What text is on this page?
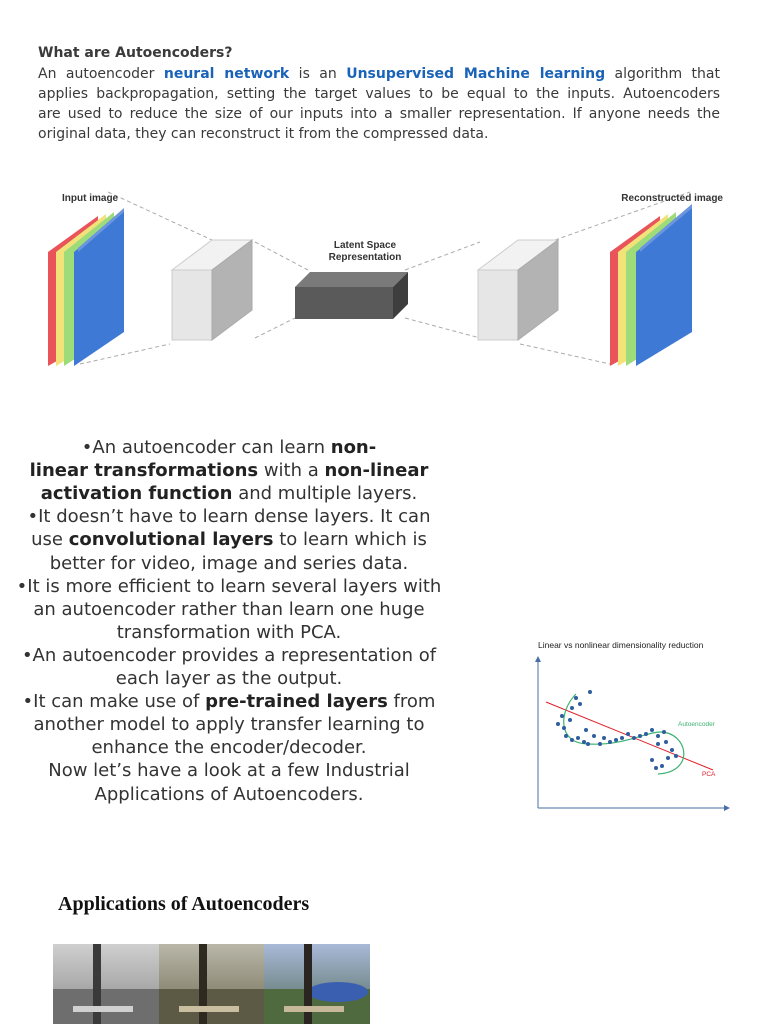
What are Autoencoders?
An autoencoder neural network is an Unsupervised Machine learning algorithm that
applies backpropagation, setting the target values to be equal to the inputs. Autoencoders
are used to reduce the size of our inputs into a smaller representation. If anyone needs the
original data, they can reconstruct it from the compressed data.
Input image	Reconstructed image
Latent Space
Representation
•An autoencoder can learn non-
linear transformations with a non-linear
activation function and multiple layers.
•It doesn’t have to learn dense layers. It can
use convolutional layers to learn which is
better for video, image and series data.
•It is more efficient to learn several layers with
an autoencoder rather than learn one huge
transformation with PCA.
•An autoencoder provides a representation of
each layer as the output.
•It can make use of pre-trained layers from
another model to apply transfer learning to
enhance the encoder/decoder.
Now let’s have a look at a few Industrial
Applications of Autoencoders.
Linear vs nonlinear dimensionality reduction
Autoencoder
PCA
Applications of Autoencoders
